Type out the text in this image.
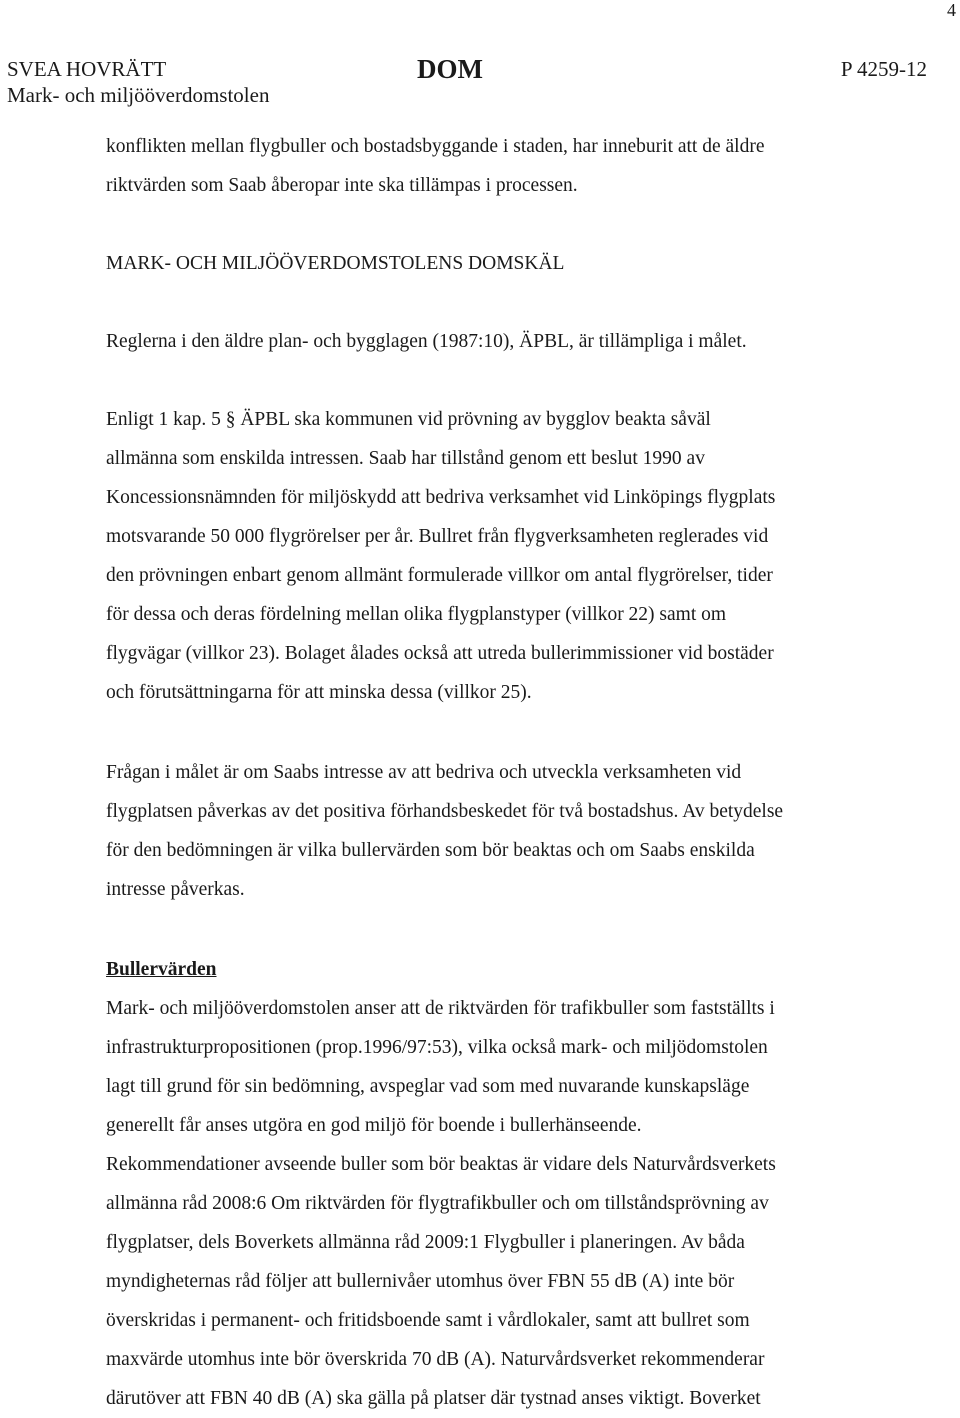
4
SVEA HOVRÄTT
Mark- och miljööverdomstolen
DOM	P 4259-12

konflikten mellan flygbuller och bostadsbyggande i staden, har inneburit att de äldre

riktvärden som Saab åberopar inte ska tillämpas i processen.

MARK- OCH MILJÖÖVERDOMSTOLENS DOMSKÄL

Reglerna i den äldre plan- och bygglagen (1987:10), ÄPBL, är tillämpliga i målet.

Enligt 1 kap. 5 § ÄPBL ska kommunen vid prövning av bygglov beakta såväl

allmänna som enskilda intressen. Saab har tillstånd genom ett beslut 1990 av

Koncessionsnämnden för miljöskydd att bedriva verksamhet vid Linköpings flygplats

motsvarande 50 000 flygrörelser per år. Bullret från flygverksamheten reglerades vid

den prövningen enbart genom allmänt formulerade villkor om antal flygrörelser, tider

för dessa och deras fördelning mellan olika flygplanstyper (villkor 22) samt om

flygvägar (villkor 23). Bolaget ålades också att utreda bullerimmissioner vid bostäder

och förutsättningarna för att minska dessa (villkor 25).

Frågan i målet är om Saabs intresse av att bedriva och utveckla verksamheten vid

flygplatsen påverkas av det positiva förhandsbeskedet för två bostadshus. Av betydelse

för den bedömningen är vilka bullervärden som bör beaktas och om Saabs enskilda

intresse påverkas.

Bullervärden

Mark- och miljööverdomstolen anser att de riktvärden för trafikbuller som fastställts i

infrastrukturpropositionen (prop.1996/97:53), vilka också mark- och miljödomstolen

lagt till grund för sin bedömning, avspeglar vad som med nuvarande kunskapsläge

generellt får anses utgöra en god miljö för boende i bullerhänseende.

Rekommendationer avseende buller som bör beaktas är vidare dels Naturvårdsverkets

allmänna råd 2008:6 Om riktvärden för flygtrafikbuller och om tillståndsprövning av

flygplatser, dels Boverkets allmänna råd 2009:1 Flygbuller i planeringen. Av båda

myndigheternas råd följer att bullernivåer utomhus över FBN 55 dB (A) inte bör

överskridas i permanent- och fritidsboende samt i vårdlokaler, samt att bullret som

maxvärde utomhus inte bör överskrida 70 dB (A). Naturvårdsverket rekommenderar

därutöver att FBN 40 dB (A) ska gälla på platser där tystnad anses viktigt. Boverket
